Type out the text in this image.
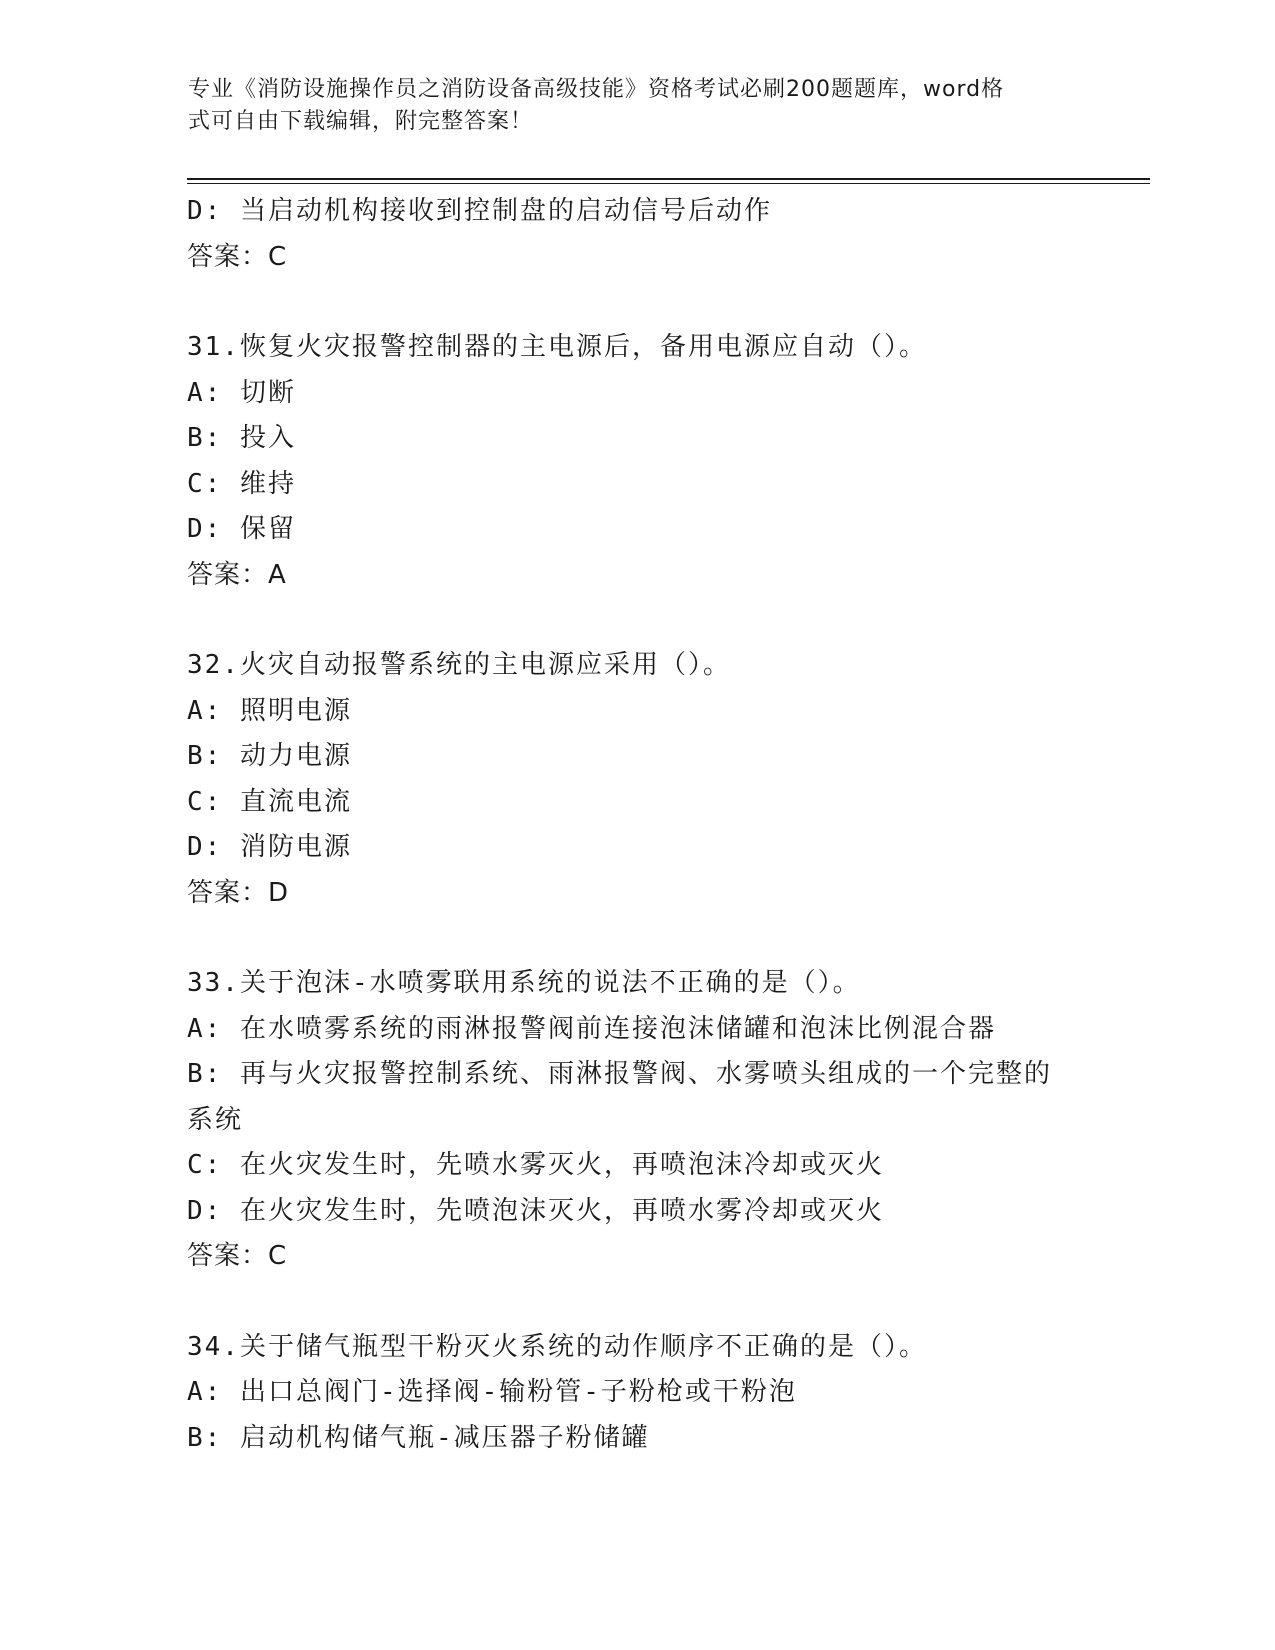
专业《消防设施操作员之消防设备高级技能》资格考试必刷200题题库，word格
式可自由下载编辑，附完整答案！
D: 当启动机构接收到控制盘的启动信号后动作
答案：C
31.恢复火灾报警控制器的主电源后，备用电源应自动（）。
A: 切断
B: 投入
C: 维持
D: 保留
答案：A
32.火灾自动报警系统的主电源应采用（）。
A: 照明电源
B: 动力电源
C: 直流电流
D: 消防电源
答案：D
33.关于泡沫-水喷雾联用系统的说法不正确的是（）。
A: 在水喷雾系统的雨淋报警阀前连接泡沫储罐和泡沫比例混合器
B: 再与火灾报警控制系统、雨淋报警阀、水雾喷头组成的一个完整的
系统
C: 在火灾发生时，先喷水雾灭火，再喷泡沫冷却或灭火
D: 在火灾发生时，先喷泡沫灭火，再喷水雾冷却或灭火
答案：C
34.关于储气瓶型干粉灭火系统的动作顺序不正确的是（）。
A: 出口总阀门-选择阀-输粉管-子粉枪或干粉泡
B: 启动机构储气瓶-减压器子粉储罐
